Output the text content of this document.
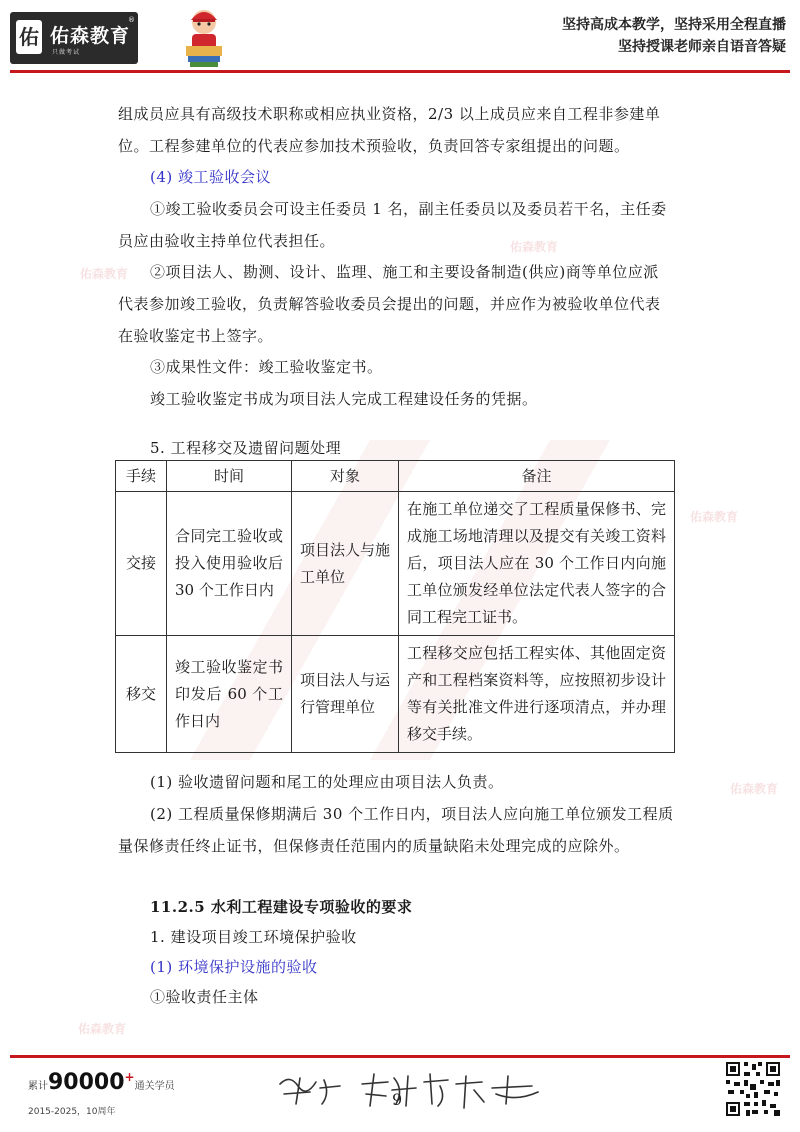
佑 佑森教育
®
只做考试
坚持高成本教学，坚持采用全程直播
坚持授课老师亲自语音答疑
佑森教育
佑森教育
佑森教育
佑森教育
佑森教育
组成员应具有高级技术职称或相应执业资格，2/3 以上成员应来自工程非参建单
位。工程参建单位的代表应参加技术预验收，负责回答专家组提出的问题。
(4) 竣工验收会议
①竣工验收委员会可设主任委员 1 名，副主任委员以及委员若干名，主任委
员应由验收主持单位代表担任。
②项目法人、勘测、设计、监理、施工和主要设备制造(供应)商等单位应派
代表参加竣工验收，负责解答验收委员会提出的问题，并应作为被验收单位代表
在验收鉴定书上签字。
③成果性文件：竣工验收鉴定书。
竣工验收鉴定书成为项目法人完成工程建设任务的凭据。
5. 工程移交及遗留问题处理
手续	时间	对象	备注
交接	合同完工验收或投入使用验收后 30 个工作日内	项目法人与施工单位	在施工单位递交了工程质量保修书、完成施工场地清理以及提交有关竣工资料后，项目法人应在 30 个工作日内向施工单位颁发经单位法定代表人签字的合同工程完工证书。
移交	竣工验收鉴定书印发后 60 个工作日内	项目法人与运行管理单位	工程移交应包括工程实体、其他固定资产和工程档案资料等，应按照初步设计等有关批准文件进行逐项清点，并办理移交手续。
(1) 验收遗留问题和尾工的处理应由项目法人负责。
(2) 工程质量保修期满后 30 个工作日内，项目法人应向施工单位颁发工程质
量保修责任终止证书，但保修责任范围内的质量缺陷未处理完成的应除外。
11.2.5 水利工程建设专项验收的要求
1. 建设项目竣工环境保护验收
(1) 环境保护设施的验收
①验收责任主体
累计90000+通关学员
2015-2025，10周年
9
